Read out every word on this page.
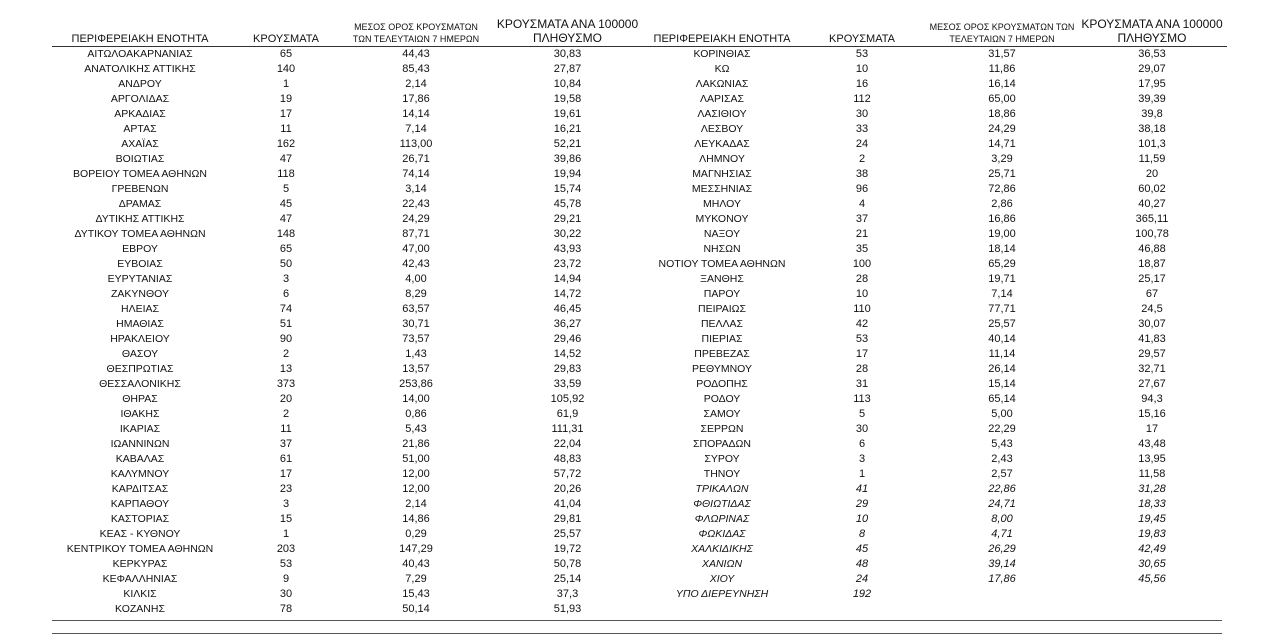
ΠΕΡΙΦΕΡΕΙΑΚΗ ΕΝΟΤΗΤΑ	ΚΡΟΥΣΜΑΤΑ	ΜΕΣΟΣ ΟΡΟΣ ΚΡΟΥΣΜΑΤΩΝ ΤΩΝ ΤΕΛΕΥΤΑΙΩΝ 7 ΗΜΕΡΩΝ	ΚΡΟΥΣΜΑΤΑ ΑΝΑ 100000 ΠΛΗΘΥΣΜΟ
ΑΙΤΩΛΟΑΚΑΡΝΑΝΙΑΣ	65	44,43	30,83
ΑΝΑΤΟΛΙΚΗΣ ΑΤΤΙΚΗΣ	140	85,43	27,87
ΑΝΔΡΟΥ	1	2,14	10,84
ΑΡΓΟΛΙΔΑΣ	19	17,86	19,58
ΑΡΚΑΔΙΑΣ	17	14,14	19,61
ΑΡΤΑΣ	11	7,14	16,21
ΑΧΑΪΑΣ	162	113,00	52,21
ΒΟΙΩΤΙΑΣ	47	26,71	39,86
ΒΟΡΕΙΟΥ ΤΟΜΕΑ ΑΘΗΝΩΝ	118	74,14	19,94
ΓΡΕΒΕΝΩΝ	5	3,14	15,74
ΔΡΑΜΑΣ	45	22,43	45,78
ΔΥΤΙΚΗΣ ΑΤΤΙΚΗΣ	47	24,29	29,21
ΔΥΤΙΚΟΥ ΤΟΜΕΑ ΑΘΗΝΩΝ	148	87,71	30,22
ΕΒΡΟΥ	65	47,00	43,93
ΕΥΒΟΙΑΣ	50	42,43	23,72
ΕΥΡΥΤΑΝΙΑΣ	3	4,00	14,94
ΖΑΚΥΝΘΟΥ	6	8,29	14,72
ΗΛΕΙΑΣ	74	63,57	46,45
ΗΜΑΘΙΑΣ	51	30,71	36,27
ΗΡΑΚΛΕΙΟΥ	90	73,57	29,46
ΘΑΣΟΥ	2	1,43	14,52
ΘΕΣΠΡΩΤΙΑΣ	13	13,57	29,83
ΘΕΣΣΑΛΟΝΙΚΗΣ	373	253,86	33,59
ΘΗΡΑΣ	20	14,00	105,92
ΙΘΑΚΗΣ	2	0,86	61,9
ΙΚΑΡΙΑΣ	11	5,43	111,31
ΙΩΑΝΝΙΝΩΝ	37	21,86	22,04
ΚΑΒΑΛΑΣ	61	51,00	48,83
ΚΑΛΥΜΝΟΥ	17	12,00	57,72
ΚΑΡΔΙΤΣΑΣ	23	12,00	20,26
ΚΑΡΠΑΘΟΥ	3	2,14	41,04
ΚΑΣΤΟΡΙΑΣ	15	14,86	29,81
ΚΕΑΣ - ΚΥΘΝΟΥ	1	0,29	25,57
ΚΕΝΤΡΙΚΟΥ ΤΟΜΕΑ ΑΘΗΝΩΝ	203	147,29	19,72
ΚΕΡΚΥΡΑΣ	53	40,43	50,78
ΚΕΦΑΛΛΗΝΙΑΣ	9	7,29	25,14
ΚΙΛΚΙΣ	30	15,43	37,3
ΚΟΖΑΝΗΣ	78	50,14	51,93
ΠΕΡΙΦΕΡΕΙΑΚΗ ΕΝΟΤΗΤΑ	ΚΡΟΥΣΜΑΤΑ	ΜΕΣΟΣ ΟΡΟΣ ΚΡΟΥΣΜΑΤΩΝ ΤΩΝ ΤΕΛΕΥΤΑΙΩΝ 7 ΗΜΕΡΩΝ	ΚΡΟΥΣΜΑΤΑ ΑΝΑ 100000 ΠΛΗΘΥΣΜΟ
ΚΟΡΙΝΘΙΑΣ	53	31,57	36,53
ΚΩ	10	11,86	29,07
ΛΑΚΩΝΙΑΣ	16	16,14	17,95
ΛΑΡΙΣΑΣ	112	65,00	39,39
ΛΑΣΙΘΙΟΥ	30	18,86	39,8
ΛΕΣΒΟΥ	33	24,29	38,18
ΛΕΥΚΑΔΑΣ	24	14,71	101,3
ΛΗΜΝΟΥ	2	3,29	11,59
ΜΑΓΝΗΣΙΑΣ	38	25,71	20
ΜΕΣΣΗΝΙΑΣ	96	72,86	60,02
ΜΗΛΟΥ	4	2,86	40,27
ΜΥΚΟΝΟΥ	37	16,86	365,11
ΝΑΞΟΥ	21	19,00	100,78
ΝΗΣΩΝ	35	18,14	46,88
ΝΟΤΙΟΥ ΤΟΜΕΑ ΑΘΗΝΩΝ	100	65,29	18,87
ΞΑΝΘΗΣ	28	19,71	25,17
ΠΑΡΟΥ	10	7,14	67
ΠΕΙΡΑΙΩΣ	110	77,71	24,5
ΠΕΛΛΑΣ	42	25,57	30,07
ΠΙΕΡΙΑΣ	53	40,14	41,83
ΠΡΕΒΕΖΑΣ	17	11,14	29,57
ΡΕΘΥΜΝΟΥ	28	26,14	32,71
ΡΟΔΟΠΗΣ	31	15,14	27,67
ΡΟΔΟΥ	113	65,14	94,3
ΣΑΜΟΥ	5	5,00	15,16
ΣΕΡΡΩΝ	30	22,29	17
ΣΠΟΡΑΔΩΝ	6	5,43	43,48
ΣΥΡΟΥ	3	2,43	13,95
ΤΗΝΟΥ	1	2,57	11,58
ΤΡΙΚΑΛΩΝ	41	22,86	31,28
ΦΘΙΩΤΙΔΑΣ	29	24,71	18,33
ΦΛΩΡΙΝΑΣ	10	8,00	19,45
ΦΩΚΙΔΑΣ	8	4,71	19,83
ΧΑΛΚΙΔΙΚΗΣ	45	26,29	42,49
ΧΑΝΙΩΝ	48	39,14	30,65
ΧΙΟΥ	24	17,86	45,56
ΥΠΟ ΔΙΕΡΕΥΝΗΣΗ	192		
